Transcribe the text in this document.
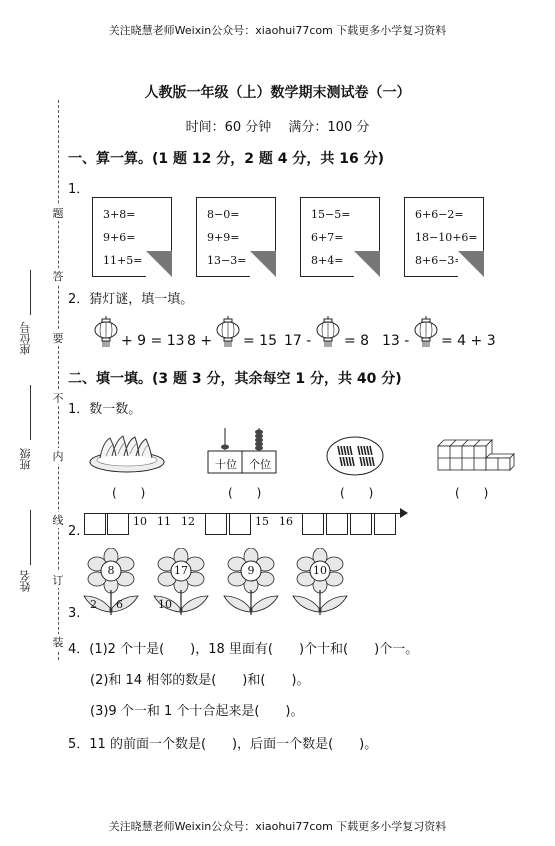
关注晓慧老师Weixin公众号：xiaohui77com 下载更多小学复习资料
关注晓慧老师Weixin公众号：xiaohui77com 下载更多小学复习资料
人教版一年级（上）数学期末测试卷（一）
时间：60 分钟　 满分：100 分
题
答
要
不
内
线
订
装
座位号
班级
姓名
一、算一算。(1 题 12 分，2 题 4 分，共 16 分)
1．
3+8=
9+6=
11+5=
8−0=
9+9=
13−3=
15−5=
6+7=
8+4=
6+6−2=
18−10+6=
8+6−3=
2．猜灯谜，填一填。
+ 9 = 13 8 + = 15 17 - = 8 13 - = 4 + 3
二、填一填。(3 题 3 分，其余每空 1 分，共 40 分)
1．数一数。
十位	个位
(　　)	(　　)	(　　)	(　　)
2.
10 11 12	15 16
3.
8
2 6
17
10
9	10
4．(1)2 个十是(　　)，18 里面有(　　)个十和(　　)个一。
(2)和 14 相邻的数是(　　)和(　　)。
(3)9 个一和 1 个十合起来是(　　)。
5．11 的前面一个数是(　　)，后面一个数是(　　)。
